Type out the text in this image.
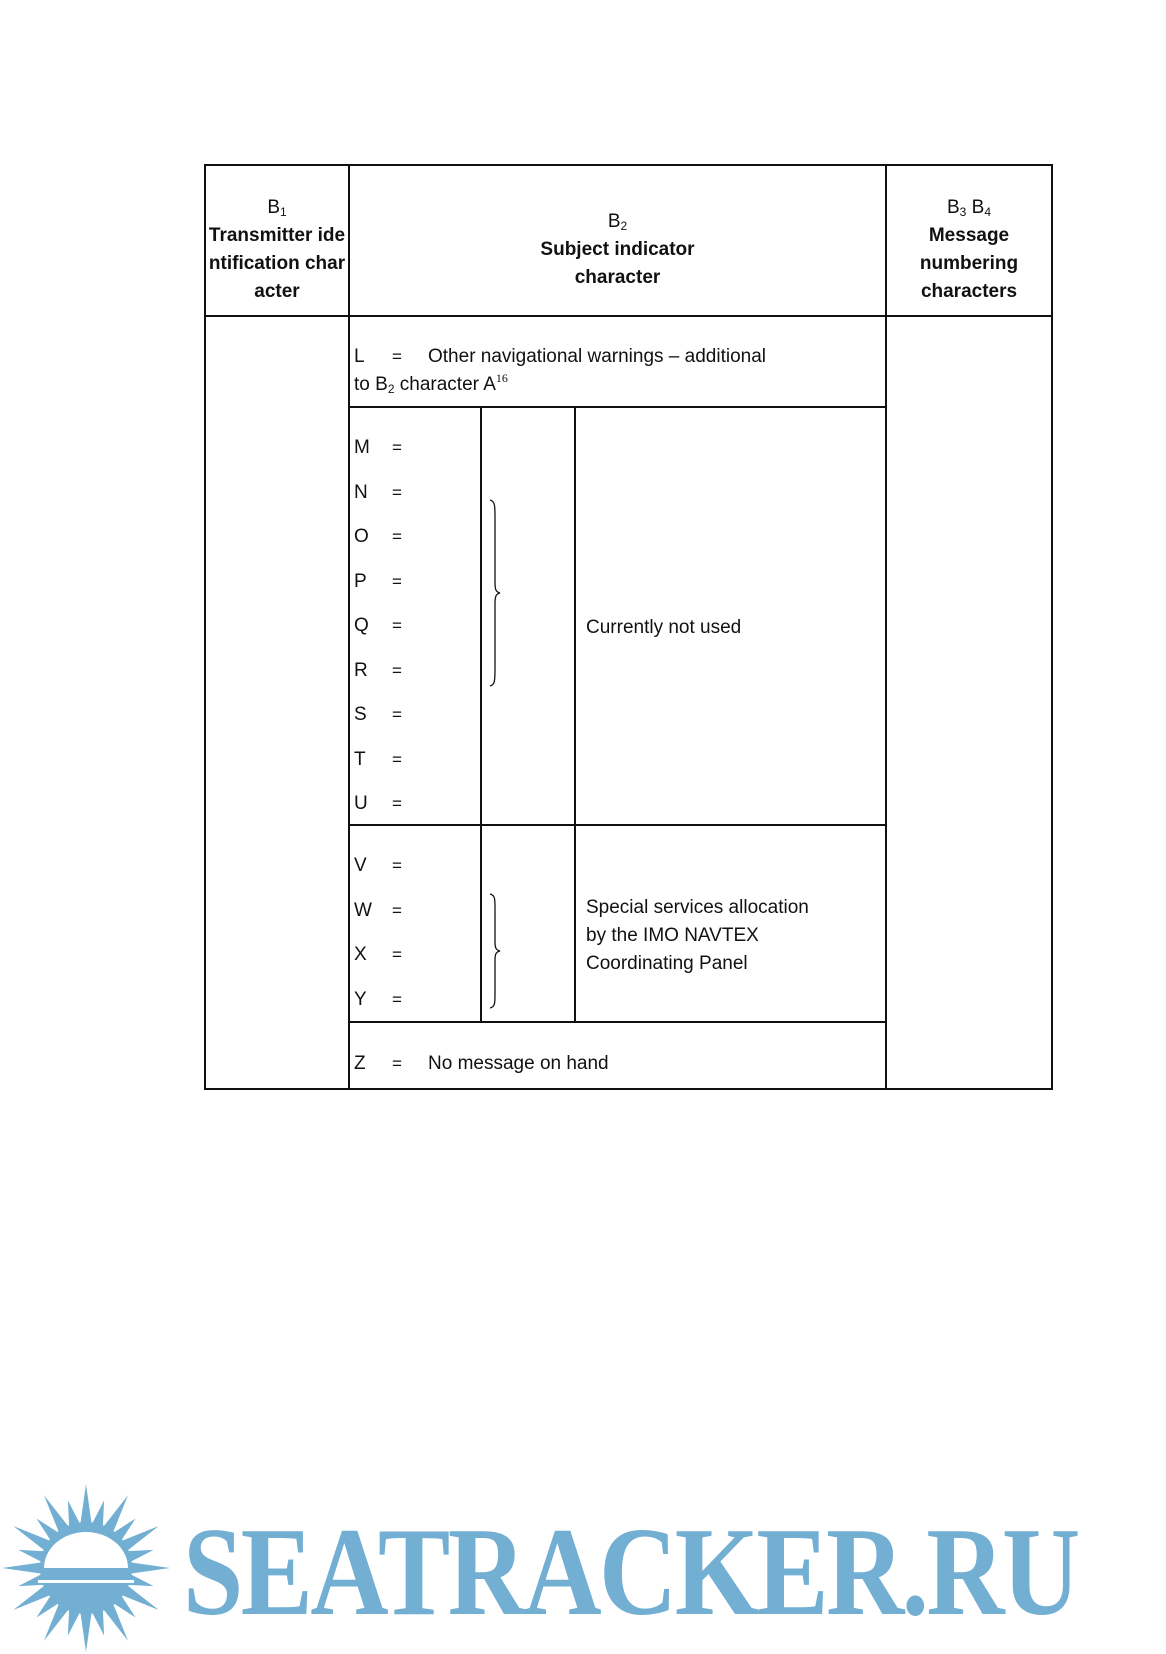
$B_1$
Transmitter identification character
$B_2$
Subject indicator character
$B_3$ $B_4$
Message numbering characters
L = Other navigational warnings – additional
to $B_2$ character $A^{16}$
M =
N =
O =
P =
Q =
R =
S =
T =
U =
Currently not used
V =
W =
X =
Y =
Special services allocation
by the IMO NAVTEX
Coordinating Panel
Z = No message on hand
SEATRACKER.RU
